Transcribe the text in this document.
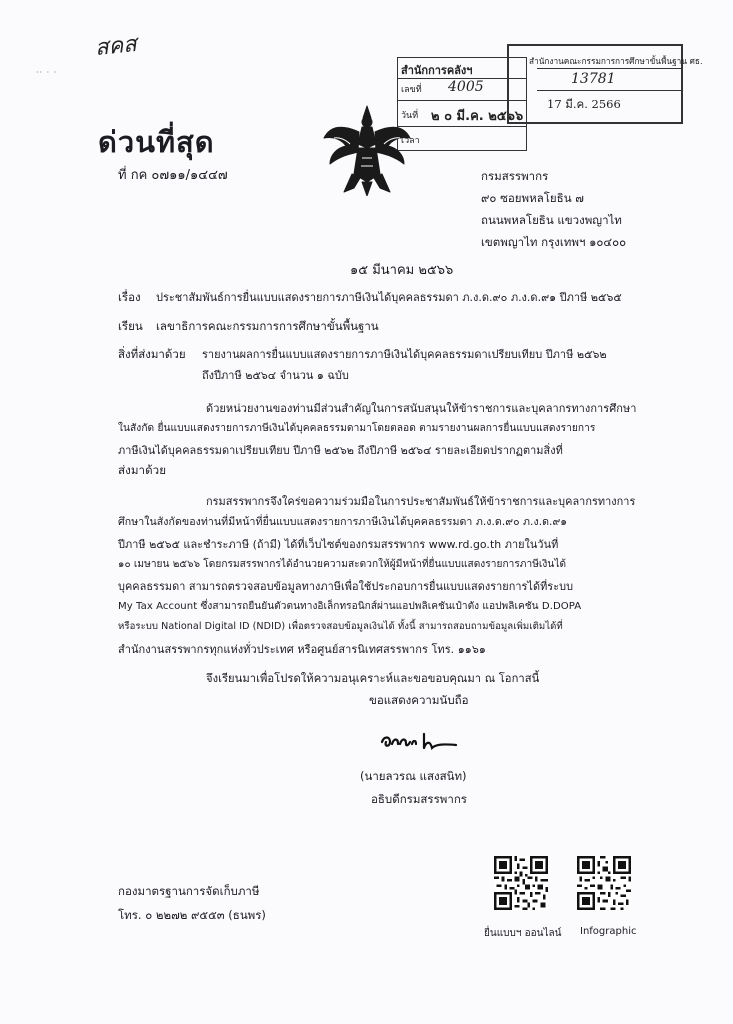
สคส
·· · ·	สำนักการคลังฯ
เลขที่ 4005
วันที่ ๒ ๐ มี.ค. ๒๕๖๖
เวลา
สำนักงานคณะกรรมการการศึกษาขั้นพื้นฐาน ศธ.
13781
17 มี.ค. 2566
ด่วนที่สุด
ที่ กค ๐๗๑๑/๑๔๔๗	กรมสรรพากร
๙๐ ซอยพหลโยธิน ๗
ถนนพหลโยธิน แขวงพญาไท
เขตพญาไท กรุงเทพฯ ๑๐๔๐๐
๑๕ มีนาคม ๒๕๖๖
เรื่อง ประชาสัมพันธ์การยื่นแบบแสดงรายการภาษีเงินได้บุคคลธรรมดา ภ.ง.ด.๙๐ ภ.ง.ด.๙๑ ปีภาษี ๒๕๖๕
เรียน เลขาธิการคณะกรรมการการศึกษาขั้นพื้นฐาน
สิ่งที่ส่งมาด้วย รายงานผลการยื่นแบบแสดงรายการภาษีเงินได้บุคคลธรรมดาเปรียบเทียบ ปีภาษี ๒๕๖๒
ถึงปีภาษี ๒๕๖๔ จำนวน ๑ ฉบับ
ด้วยหน่วยงานของท่านมีส่วนสำคัญในการสนับสนุนให้ข้าราชการและบุคลากรทางการศึกษา
ในสังกัด ยื่นแบบแสดงรายการภาษีเงินได้บุคคลธรรมดามาโดยตลอด ตามรายงานผลการยื่นแบบแสดงรายการ
ภาษีเงินได้บุคคลธรรมดาเปรียบเทียบ ปีภาษี ๒๕๖๒ ถึงปีภาษี ๒๕๖๔ รายละเอียดปรากฏตามสิ่งที่
ส่งมาด้วย
กรมสรรพากรจึงใคร่ขอความร่วมมือในการประชาสัมพันธ์ให้ข้าราชการและบุคลากรทางการ
ศึกษาในสังกัดของท่านที่มีหน้าที่ยื่นแบบแสดงรายการภาษีเงินได้บุคคลธรรมดา ภ.ง.ด.๙๐ ภ.ง.ด.๙๑
ปีภาษี ๒๕๖๕ และชำระภาษี (ถ้ามี) ได้ที่เว็บไซต์ของกรมสรรพากร www.rd.go.th ภายในวันที่
๑๐ เมษายน ๒๕๖๖ โดยกรมสรรพากรได้อำนวยความสะดวกให้ผู้มีหน้าที่ยื่นแบบแสดงรายการภาษีเงินได้
บุคคลธรรมดา สามารถตรวจสอบข้อมูลทางภาษีเพื่อใช้ประกอบการยื่นแบบแสดงรายการได้ที่ระบบ
My Tax Account ซึ่งสามารถยืนยันตัวตนทางอิเล็กทรอนิกส์ผ่านแอปพลิเคชันเป๋าตัง แอปพลิเคชัน D.DOPA
หรือระบบ National Digital ID (NDID) เพื่อตรวจสอบข้อมูลเงินได้ ทั้งนี้ สามารถสอบถามข้อมูลเพิ่มเติมได้ที่
สำนักงานสรรพากรทุกแห่งทั่วประเทศ หรือศูนย์สารนิเทศสรรพากร โทร. ๑๑๖๑
จึงเรียนมาเพื่อโปรดให้ความอนุเคราะห์และขอขอบคุณมา ณ โอกาสนี้
ขอแสดงความนับถือ
(นายลวรณ แสงสนิท)
อธิบดีกรมสรรพากร
กองมาตรฐานการจัดเก็บภาษี
โทร. ๐ ๒๒๗๒ ๙๕๕๓ (ธนพร)
ยื่นแบบฯ ออนไลน์ Infographic
